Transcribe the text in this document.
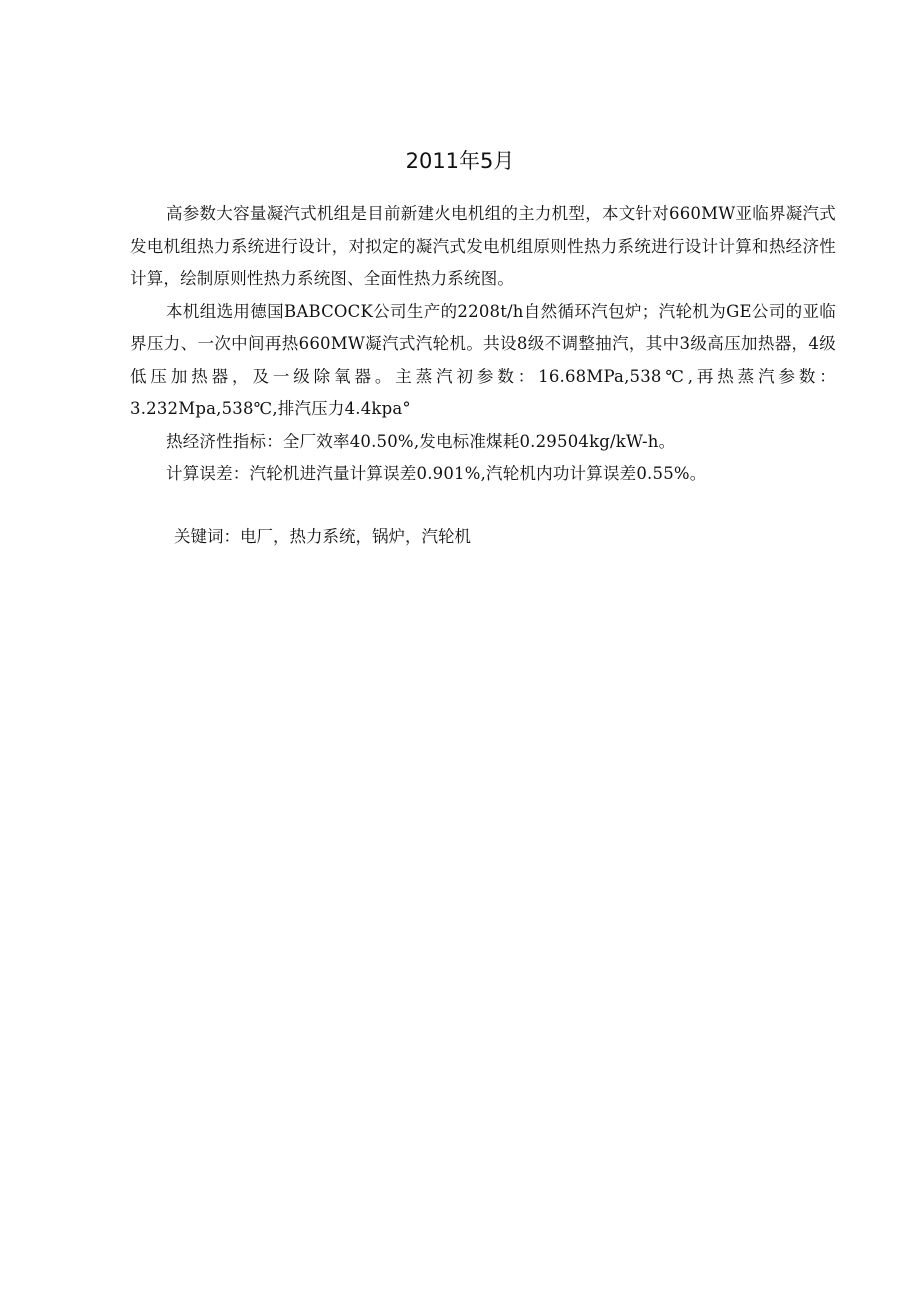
2011年5月

高参数大容量凝汽式机组是目前新建火电机组的主力机型，本文针对660MW亚临界凝汽式发电机组热力系统进行设计，对拟定的凝汽式发电机组原则性热力系统进行设计计算和热经济性计算，绘制原则性热力系统图、全面性热力系统图。

本机组选用德国BABCOCK公司生产的2208t/h自然循环汽包炉；汽轮机为GE公司的亚临界压力、一次中间再热660MW凝汽式汽轮机。共设8级不调整抽汽，其中3级高压加热器，4级低压加热器，及一级除氧器。主蒸汽初参数：16.68MPa,538℃,再热蒸汽参数：3.232Mpa,538℃,排汽压力4.4kpa°

热经济性指标：全厂效率40.50%,发电标准煤耗0.29504kg/kW-h。

计算误差：汽轮机进汽量计算误差0.901%,汽轮机内功计算误差0.55%。

关键词：电厂，热力系统，锅炉，汽轮机
